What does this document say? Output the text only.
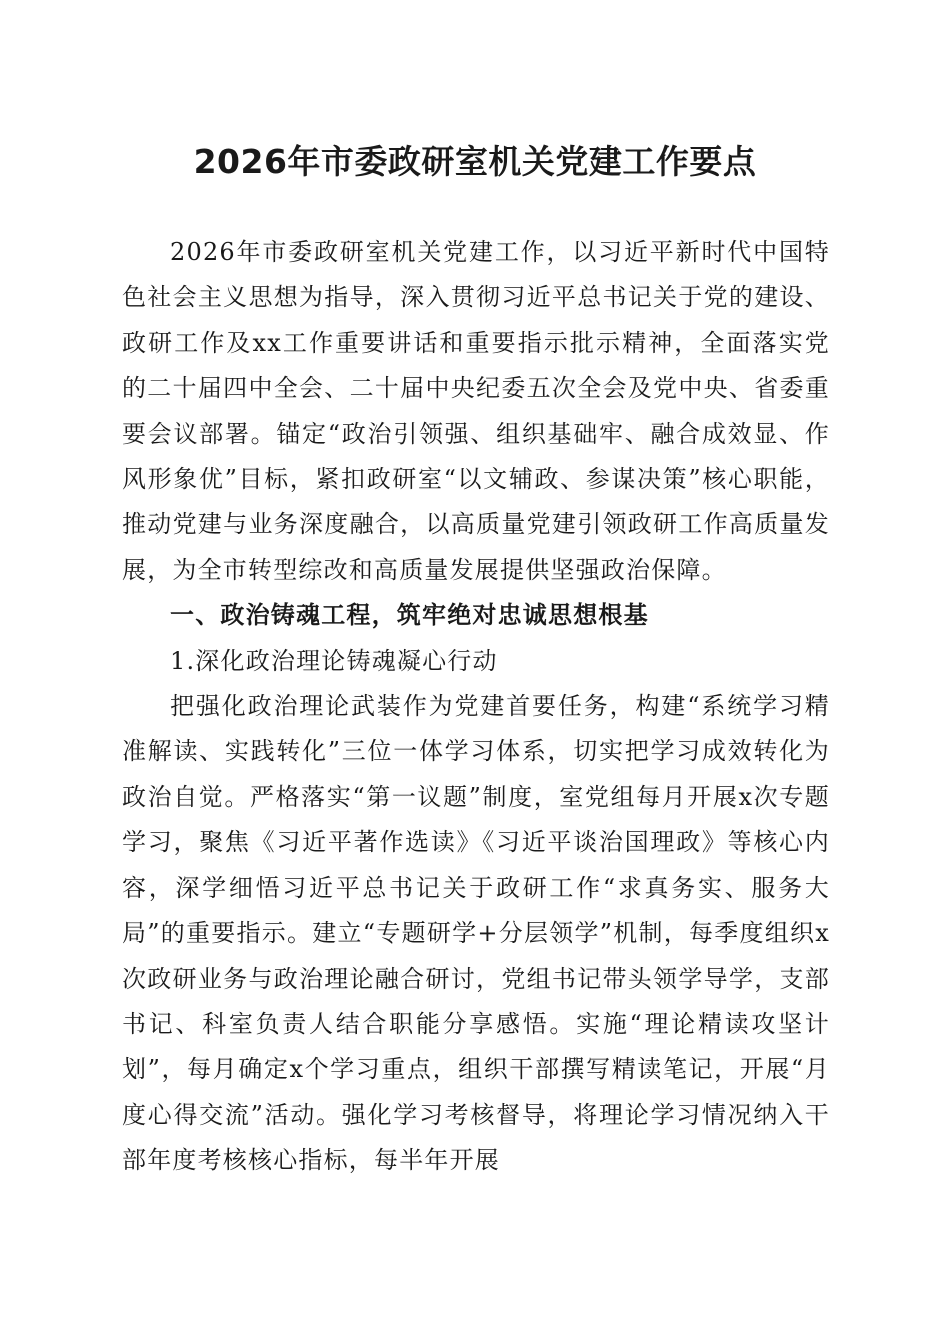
2026年市委政研室机关党建工作要点

2026年市委政研室机关党建工作，以习近平新时代中国特色社会主义思想为指导，深入贯彻习近平总书记关于党的建设、政研工作及xx工作重要讲话和重要指示批示精神，全面落实党的二十届四中全会、二十届中央纪委五次全会及党中央、省委重要会议部署。锚定“政治引领强、组织基础牢、融合成效显、作风形象优”目标，紧扣政研室“以文辅政、参谋决策”核心职能，推动党建与业务深度融合，以高质量党建引领政研工作高质量发展，为全市转型综改和高质量发展提供坚强政治保障。

一、政治铸魂工程，筑牢绝对忠诚思想根基

1.深化政治理论铸魂凝心行动

把强化政治理论武装作为党建首要任务，构建“系统学习精准解读、实践转化”三位一体学习体系，切实把学习成效转化为政治自觉。严格落实“第一议题”制度，室党组每月开展x次专题学习，聚焦《习近平著作选读》《习近平谈治国理政》等核心内容，深学细悟习近平总书记关于政研工作“求真务实、服务大局”的重要指示。建立“专题研学+分层领学”机制，每季度组织x次政研业务与政治理论融合研讨，党组书记带头领学导学，支部书记、科室负责人结合职能分享感悟。实施“理论精读攻坚计划”，每月确定x个学习重点，组织干部撰写精读笔记，开展“月度心得交流”活动。强化学习考核督导，将理论学习情况纳入干部年度考核核心指标，每半年开展
